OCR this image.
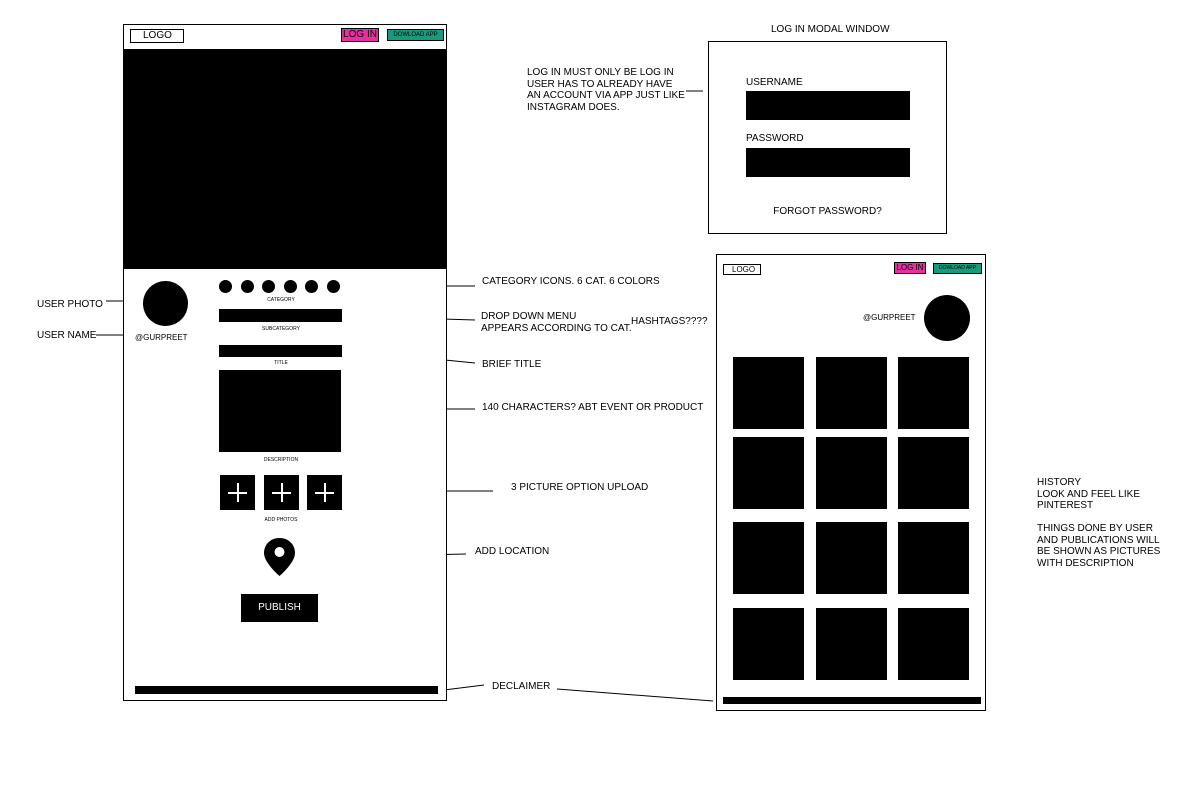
LOGO	LOG IN	DOWLOAD APP
@GURPREET
CATEGORY
SUBCATEGORY
TITLE
DESCRIPTION
ADD PHOTOS
PUBLISH
USER PHOTO
USER NAME
CATEGORY ICONS. 6 CAT. 6 COLORS
DROP DOWN MENU
APPEARS ACCORDING TO CAT.
HASHTAGS????
BRIEF TITLE
140 CHARACTERS? ABT EVENT OR PRODUCT
3 PICTURE OPTION UPLOAD
ADD LOCATION
DECLAIMER
LOG IN MUST ONLY BE LOG IN
USER HAS TO ALREADY HAVE
AN ACCOUNT VIA APP JUST LIKE
INSTAGRAM DOES.
LOG IN MODAL WINDOW
USERNAME
PASSWORD
FORGOT PASSWORD?
LOGO	LOG IN	DOWLOAD APP
@GURPREET
HISTORY
LOOK AND FEEL LIKE
PINTEREST

THINGS DONE BY USER
AND PUBLICATIONS WILL
BE SHOWN AS PICTURES
WITH DESCRIPTION
